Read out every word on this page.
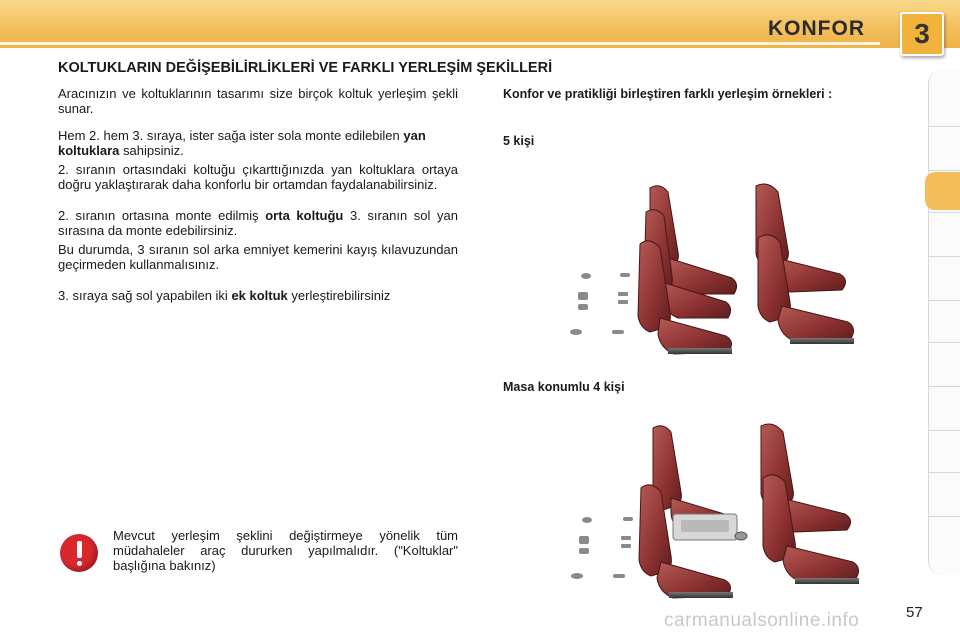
KONFOR	3
KOLTUKLARIN DEĞİŞEBİLİRLİKLERİ VE FARKLI YERLEŞİM ŞEKİLLERİ

Aracınızın ve koltuklarının tasarımı size birçok koltuk yerleşim şekli sunar.

Hem 2. hem 3. sıraya, ister sağa ister sola monte edilebilen yan koltuklara sahipsiniz.

2. sıranın ortasındaki koltuğu çıkarttığınızda yan koltuklara ortaya doğru yaklaştırarak daha konforlu bir ortamdan faydalanabilirsiniz.

2. sıranın ortasına monte edilmiş orta koltuğu 3. sıranın sol yan sırasına da monte edebilirsiniz.

Bu durumda, 3 sıranın sol arka emniyet kemerini kayış kılavuzundan geçirmeden kullanmalısınız.

3. sıraya sağ sol yapabilen iki ek koltuk yerleştirebilirsiniz

Mevcut yerleşim şeklini değiştirmeye yönelik tüm müdahaleler araç dururken yapılmalıdır. ("Koltuklar" başlığına bakınız)
Konfor ve pratikliği birleştiren farklı yerleşim örnekleri :
5 kişi
Masa konumlu 4 kişi
57
carmanualsonline.info
